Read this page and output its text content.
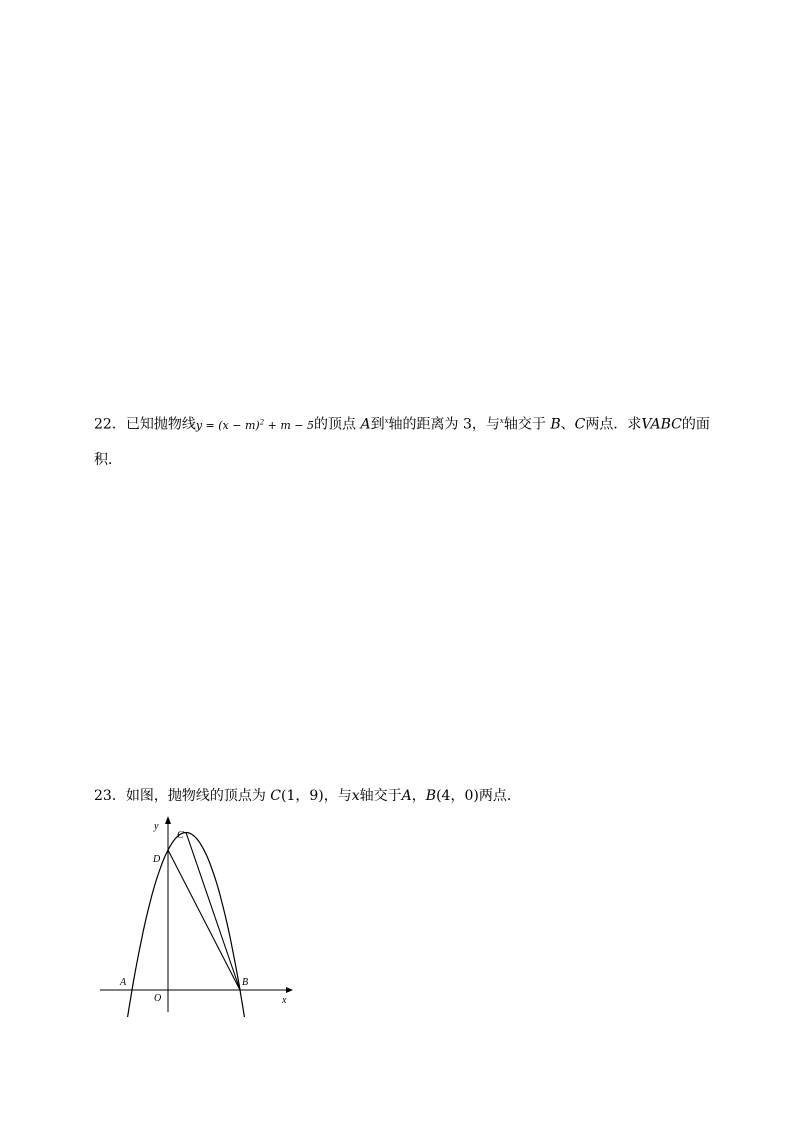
22．已知抛物线$y = (x - m)^2 + m - 5$的顶点 A到$^x$轴的距离为 3，与$^x$轴交于 B、C两点．求VABC的面
积．
23．如图，抛物线的顶点为 C(1，9)，与x轴交于A，B(4，0)两点．
y
x
C
D
A
O
B
